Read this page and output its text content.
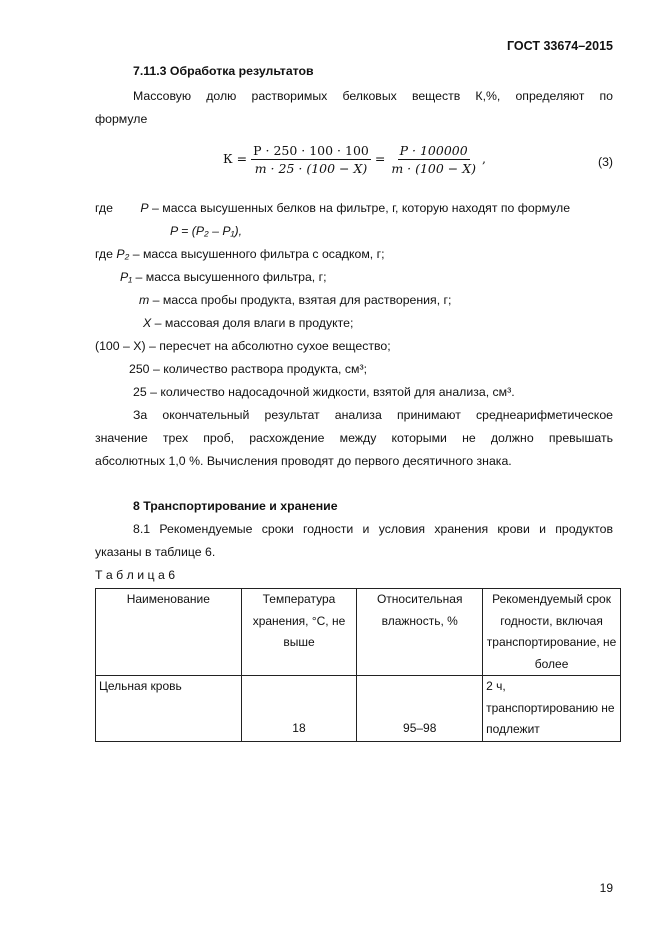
ГОСТ 33674–2015
7.11.3 Обработка результатов
Массовую долю растворимых белковых веществ К,%, определяют по
формуле
$К = \frac{Р \cdot 250 \cdot 100 \cdot 100}{m \cdot 25 \cdot (100 - X)} = \frac{P \cdot 100000}{m \cdot (100 - X)}$ ,	(3)
где P – масса высушенных белков на фильтре, г, которую находят по формуле
P = (P₂ – P₁),
где P₂ – масса высушенного фильтра с осадком, г;
P₁ – масса высушенного фильтра, г;
m – масса пробы продукта, взятая для растворения, г;
X – массовая доля влаги в продукте;
(100 – X) – пересчет на абсолютно сухое вещество;
250 – количество раствора продукта, см³;
25 – количество надосадочной жидкости, взятой для анализа, см³.
За окончательный результат анализа принимают среднеарифметическое
значение трех проб, расхождение между которыми не должно превышать
абсолютных 1,0 %. Вычисления проводят до первого десятичного знака.
8 Транспортирование и хранение
8.1 Рекомендуемые сроки годности и условия хранения крови и продуктов
указаны в таблице 6.
Т а б л и ц а 6
Наименование	Температура хранения, °С, не выше	Относительная влажность, %	Рекомендуемый срок годности, включая транспортирование, не более
Цельная кровь	18	95–98	2 ч, транспортированию не подлежит
19
